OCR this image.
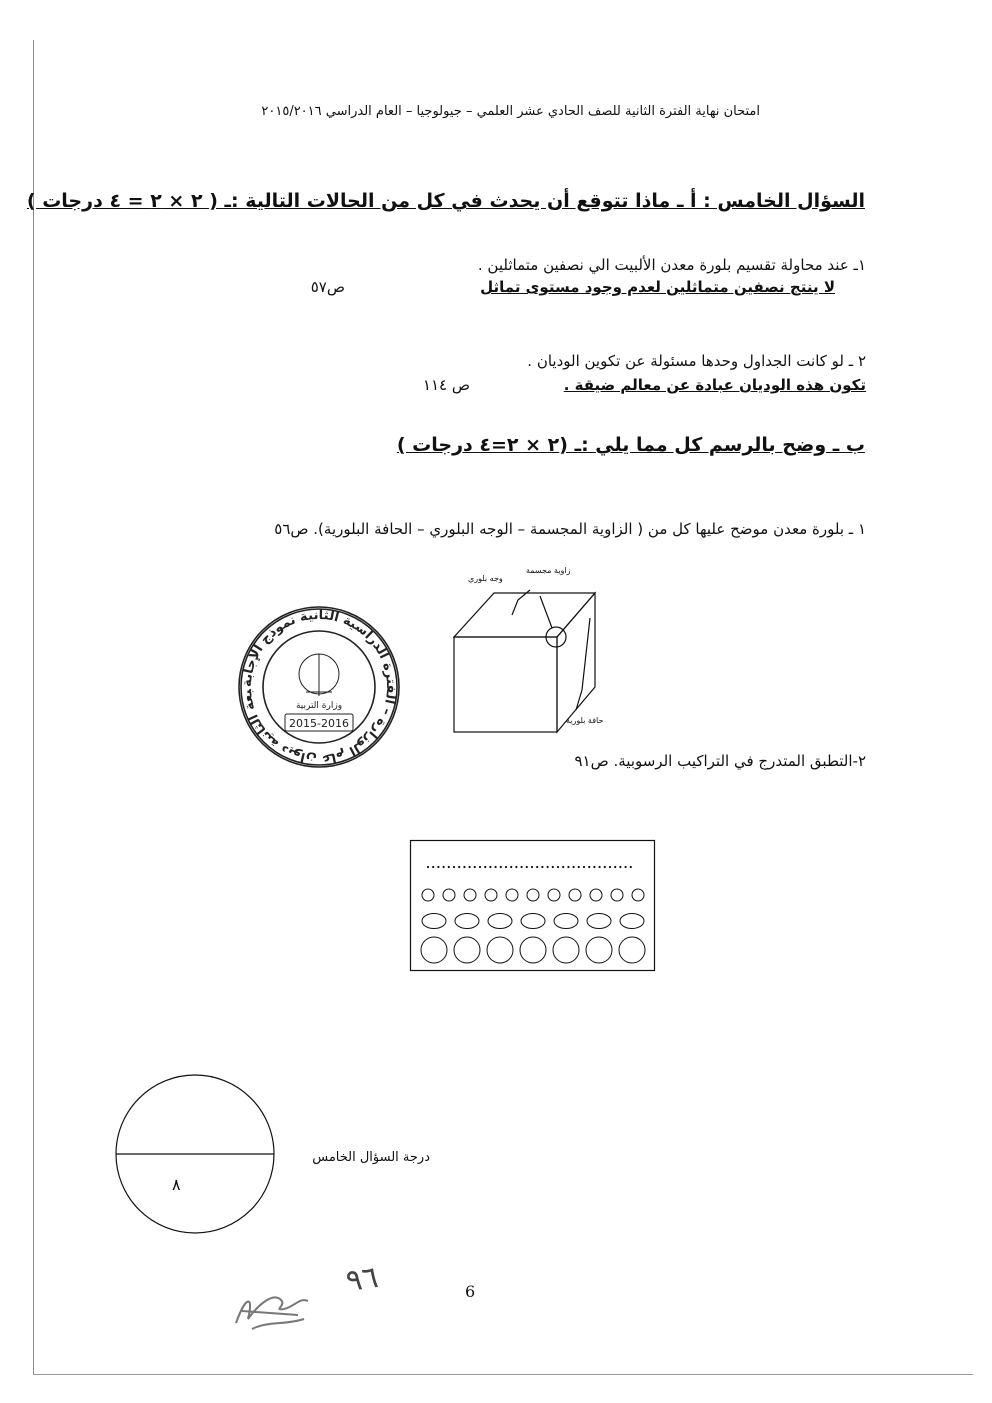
امتحان نهاية الفترة الثانية للصف الحادي عشر العلمي – جيولوجيا – العام الدراسي ٢٠١٥/٢٠١٦
السؤال الخامس : أ ـ ماذا تتوقع أن يحدث في كل من الحالات التالية :ـ ( ٢ × ٢ = ٤ درجات )
١ـ عند محاولة تقسيم بلورة معدن الألبيت الي نصفين متماثلين .
لا ينتج نصفين متماثلين لعدم وجود مستوى تماثل
ص٥٧
٢ ـ لو كانت الجداول وحدها مسئولة عن تكوين الوديان .
تكون هذه الوديان عبادة عن معالم ضيقة .
ص ١١٤
ب ـ وضح بالرسم كل مما يلي :ـ (٢ × ٢=٤ درجات )
١ ـ بلورة معدن موضح عليها كل من ( الزاوية المجسمة – الوجه البلوري – الحافة البلورية). ص٥٦
زاوية مجسمة
وجه بلوري
حافة بلورية
الطبعة الثانية ديوان عام الوزارة – الفترة الدراسية الثانية نموذج الإجابة
2015-2016
وزارة التربية
٢-التطبق المتدرج في التراكيب الرسوبية. ص٩١
٨
درجة السؤال الخامس
6
٩٦
